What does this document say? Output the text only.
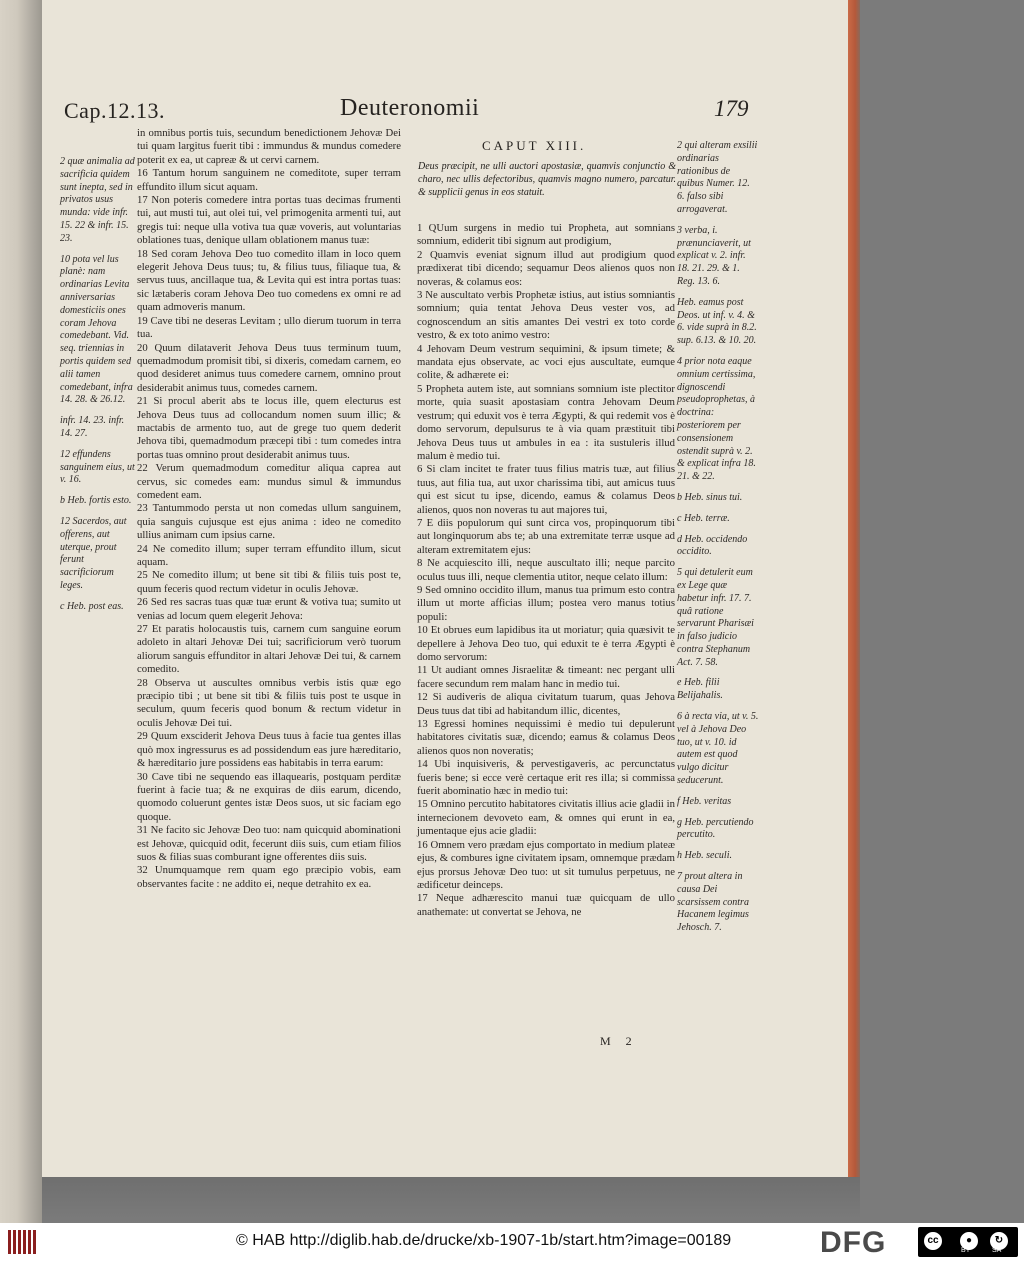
Cap.12.13.	Deuteronomii	179

2 quæ animalia ad sacrificia quidem sunt inepta, sed in privatos usus munda: vide infr. 15. 22 & infr. 15. 23.

10 pota vel lus planè: nam ordinarias Levita anniversarias domesticiis ones coram Jehova comedebant. Vid. seq. triennias in portis quidem sed alii tamen comedebant, infra 14. 28. & 26.12.

infr. 14. 23. infr. 14. 27.

12 effundens sanguinem eius, ut v. 16.

b Heb. fortis esto.

12 Sacerdos, aut offerens, aut uterque, prout ferunt sacrificiorum leges.

c Heb. post eas.

in omnibus portis tuis, secundum benedictionem Jehovæ Dei tui quam largitus fuerit tibi : immundus & mundus comedere poterit ex ea, ut capreæ & ut cervi carnem.

16 Tantum horum sanguinem ne comeditote, super terram effundito illum sicut aquam.

17 Non poteris comedere intra portas tuas decimas frumenti tui, aut musti tui, aut olei tui, vel primogenita armenti tui, aut gregis tui: neque ulla votiva tua quæ voveris, aut voluntarias oblationes tuas, denique ullam oblationem manus tuæ:

18 Sed coram Jehova Deo tuo comedito illam in loco quem elegerit Jehova Deus tuus; tu, & filius tuus, filiaque tua, & servus tuus, ancillaque tua, & Levita qui est intra portas tuas: sic lætaberis coram Jehova Deo tuo comedens ex omni re ad quam admoveris manum.

19 Cave tibi ne deseras Levitam ; ullo dierum tuorum in terra tua.

20 Quum dilataverit Jehova Deus tuus terminum tuum, quemadmodum promisit tibi, si dixeris, comedam carnem, eo quod desideret animus tuus comedere carnem, omnino prout desiderabit animus tuus, comedes carnem.

21 Si procul aberit abs te locus ille, quem electurus est Jehova Deus tuus ad collocandum nomen suum illic; & mactabis de armento tuo, aut de grege tuo quem dederit Jehova tibi, quemadmodum præcepi tibi : tum comedes intra portas tuas omnino prout desiderabit animus tuus.

22 Verum quemadmodum comeditur aliqua caprea aut cervus, sic comedes eam: mundus simul & immundus comedent eam.

23 Tantummodo persta ut non comedas ullum sanguinem, quia sanguis cujusque est ejus anima : ideo ne comedito ullius animam cum ipsius carne.

24 Ne comedito illum; super terram effundito illum, sicut aquam.

25 Ne comedito illum; ut bene sit tibi & filiis tuis post te, quum feceris quod rectum videtur in oculis Jehovæ.

26 Sed res sacras tuas quæ tuæ erunt & votiva tua; sumito ut venias ad locum quem elegerit Jehova:

27 Et paratis holocaustis tuis, carnem cum sanguine eorum adoleto in altari Jehovæ Dei tui; sacrificiorum verò tuorum aliorum sanguis effunditor in altari Jehovæ Dei tui, & carnem comedito.

28 Observa ut auscultes omnibus verbis istis quæ ego præcipio tibi ; ut bene sit tibi & filiis tuis post te usque in seculum, quum feceris quod bonum & rectum videtur in oculis Jehovæ Dei tui.

29 Quum exsciderit Jehova Deus tuus à facie tua gentes illas quò mox ingressurus es ad possidendum eas jure hæreditario, & hæreditario jure possidens eas habitabis in terra earum:

30 Cave tibi ne sequendo eas illaquearis, postquam perditæ fuerint à facie tua; & ne exquiras de diis earum, dicendo, quomodo coluerunt gentes istæ Deos suos, ut sic faciam ego quoque.

31 Ne facito sic Jehovæ Deo tuo: nam quicquid abominationi est Jehovæ, quicquid odit, fecerunt diis suis, cum etiam filios suos & filias suas comburant igne offerentes diis suis.

32 Unumquamque rem quam ego præcipio vobis, eam observantes facite : ne addito ei, neque detrahito ex ea.

CAPUT XIII.
Deus præcipit, ne ulli auctori apostasiæ, quamvis conjunctio & charo, nec ullis defectoribus, quamvis magno numero, parcatur. & supplicii genus in eos statuit.

1 QUum surgens in medio tui Propheta, aut somnians somnium, ediderit tibi signum aut prodigium,

2 Quamvis eveniat signum illud aut prodigium quod prædixerat tibi dicendo; sequamur Deos alienos quos non noveras, & colamus eos:

3 Ne auscultato verbis Prophetæ istius, aut istius somniantis somnium; quia tentat Jehova Deus vester vos, ad cognoscendum an sitis amantes Dei vestri ex toto corde vestro, & ex toto animo vestro:

4 Jehovam Deum vestrum sequimini, & ipsum timete; & mandata ejus observate, ac voci ejus auscultate, eumque colite, & adhærete ei:

5 Propheta autem iste, aut somnians somnium iste plectitor morte, quia suasit apostasiam contra Jehovam Deum vestrum; qui eduxit vos è terra Ægypti, & qui redemit vos è domo servorum, depulsurus te à via quam præstituit tibi Jehova Deus tuus ut ambules in ea : ita sustuleris illud malum è medio tui.

6 Si clam incitet te frater tuus filius matris tuæ, aut filius tuus, aut filia tua, aut uxor charissima tibi, aut amicus tuus qui est sicut tu ipse, dicendo, eamus & colamus Deos alienos, quos non noveras tu aut majores tui,

7 E diis populorum qui sunt circa vos, propinquorum tibi aut longinquorum abs te; ab una extremitate terræ usque ad alteram extremitatem ejus:

8 Ne acquiescito illi, neque auscultato illi; neque parcito oculus tuus illi, neque clementia utitor, neque celato illum:

9 Sed omnino occidito illum, manus tua primum esto contra illum ut morte afficias illum; postea vero manus totius populi:

10 Et obrues eum lapidibus ita ut moriatur; quia quæsivit te depellere à Jehova Deo tuo, qui eduxit te è terra Ægypti è domo servorum:

11 Ut audiant omnes Jisraelitæ & timeant: nec pergant ulli facere secundum rem malam hanc in medio tui.

12 Si audiveris de aliqua civitatum tuarum, quas Jehova Deus tuus dat tibi ad habitandum illic, dicentes,

13 Egressi homines nequissimi è medio tui depulerunt habitatores civitatis suæ, dicendo; eamus & colamus Deos alienos quos non noveratis;

14 Ubi inquisiveris, & pervestigaveris, ac percunctatus fueris bene; si ecce verè certaque erit res illa; si commissa fuerit abominatio hæc in medio tui:

15 Omnino percutito habitatores civitatis illius acie gladii in internecionem devoveto eam, & omnes qui erunt in ea, jumentaque ejus acie gladii:

16 Omnem vero prædam ejus comportato in medium plateæ ejus, & combures igne civitatem ipsam, omnemque prædam ejus prorsus Jehovæ Deo tuo: ut sit tumulus perpetuus, ne ædificetur deinceps.

17 Neque adhærescito manui tuæ quicquam de ullo anathemate: ut convertat se Jehova, ne

2 qui alteram exsilii ordinarias rationibus de quibus Numer. 12. 6. falso sibi arrogaverat.

3 verba, i. prænunciaverit, ut explicat v. 2. infr. 18. 21. 29. & 1. Reg. 13. 6.

Heb. eamus post Deos. ut inf. v. 4. & 6. vide suprà in 8.2. sup. 6.13. & 10. 20.

4 prior nota eaque omnium certissima, dignoscendi pseudoprophetas, à doctrina: posteriorem per consensionem ostendit suprà v. 2. & explicat infra 18. 21. & 22.

b Heb. sinus tui.

c Heb. terræ.

d Heb. occidendo occidito.

5 qui detulerit eum ex Lege quæ habetur infr. 17. 7. quâ ratione servarunt Pharisæi in falso judicio contra Stephanum Act. 7. 58.

e Heb. filii Belijahalis.

6 à recta via, ut v. 5. vel à Jehova Deo tuo, ut v. 10. id autem est quod vulgo dicitur seducerunt.

f Heb. veritas

g Heb. percutiendo percutito.

h Heb. seculi.

7 prout altera in causa Dei scarsissem contra Hacanem legimus Jehosch. 7.

M 2
© HAB http://diglib.hab.de/drucke/xb-1907-1b/start.htm?image=00189	DFG	cc	●	↻
BY	SA
